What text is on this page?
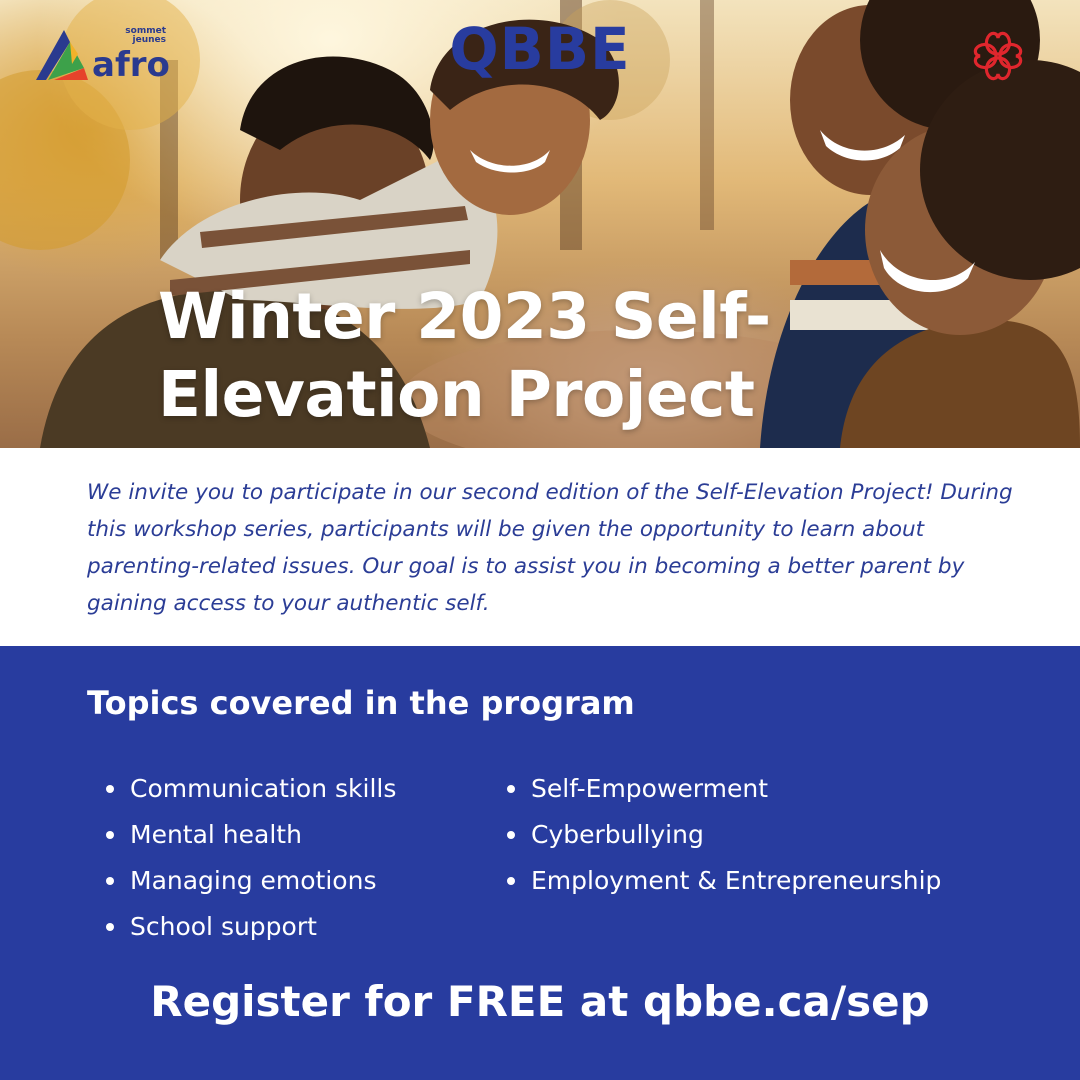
sommet
jeunes
afro	QBBE
Winter 2023 Self-Elevation Project

We invite you to participate in our second edition of the Self-Elevation Project! During this workshop series, participants will be given the opportunity to learn about parenting-related issues. Our goal is to assist you in becoming a better parent by gaining access to your authentic self.

Topics covered in the program
Communication skills
Mental health
Managing emotions
School support
Self-Empowerment
Cyberbullying
Employment & Entrepreneurship

Register for FREE at qbbe.ca/sep
